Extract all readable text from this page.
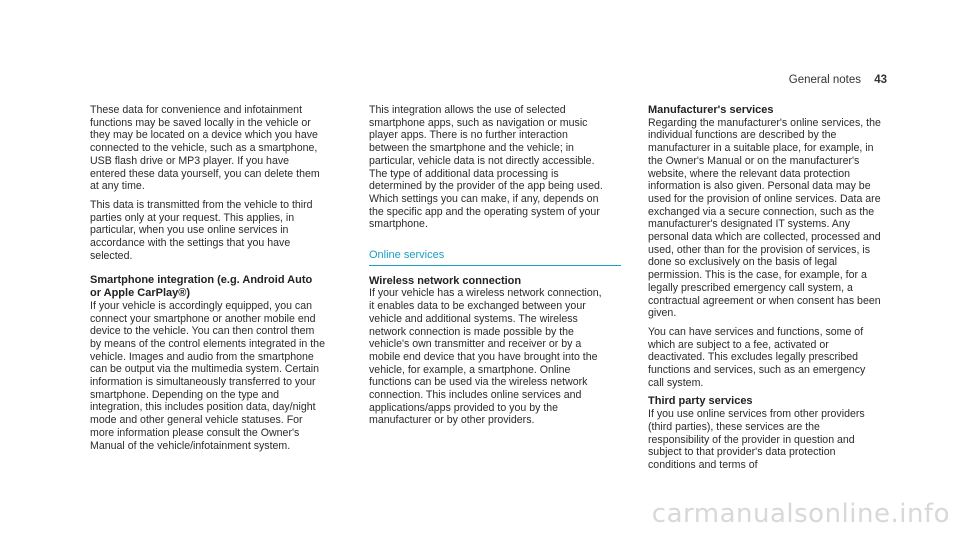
General notes 43

These data for convenience and infotainment functions may be saved locally in the vehicle or they may be located on a device which you have connected to the vehicle, such as a smartphone, USB flash drive or MP3 player. If you have entered these data yourself, you can delete them at any time.

This data is transmitted from the vehicle to third parties only at your request. This applies, in particular, when you use online services in accordance with the settings that you have selected.

Smartphone integration (e.g. Android Auto or Apple CarPlay®)

If your vehicle is accordingly equipped, you can connect your smartphone or another mobile end device to the vehicle. You can then control them by means of the control elements integrated in the vehicle. Images and audio from the smartphone can be output via the multimedia system. Certain information is simultaneously transferred to your smartphone. Depending on the type and integration, this includes position data, day/night mode and other general vehicle statuses. For more information please consult the Owner's Manual of the vehicle/infotainment system.

This integration allows the use of selected smartphone apps, such as navigation or music player apps. There is no further interaction between the smartphone and the vehicle; in particular, vehicle data is not directly accessible. The type of additional data processing is determined by the provider of the app being used. Which settings you can make, if any, depends on the specific app and the operating system of your smartphone.

Online services
Wireless network connection

If your vehicle has a wireless network connection, it enables data to be exchanged between your vehicle and additional systems. The wireless network connection is made possible by the vehicle's own transmitter and receiver or by a mobile end device that you have brought into the vehicle, for example, a smartphone. Online functions can be used via the wireless network connection. This includes online services and applications/apps provided to you by the manufacturer or by other providers.

Manufacturer's services

Regarding the manufacturer's online services, the individual functions are described by the manufacturer in a suitable place, for example, in the Owner's Manual or on the manufacturer's website, where the relevant data protection information is also given. Personal data may be used for the provision of online services. Data are exchanged via a secure connection, such as the manufacturer's designated IT systems. Any personal data which are collected, processed and used, other than for the provision of services, is done so exclusively on the basis of legal permission. This is the case, for example, for a legally prescribed emergency call system, a contractual agreement or when consent has been given.

You can have services and functions, some of which are subject to a fee, activated or deactivated. This excludes legally prescribed functions and services, such as an emergency call system.

Third party services

If you use online services from other providers (third parties), these services are the responsibility of the provider in question and subject to that provider's data protection conditions and terms of

carmanualsonline.info
